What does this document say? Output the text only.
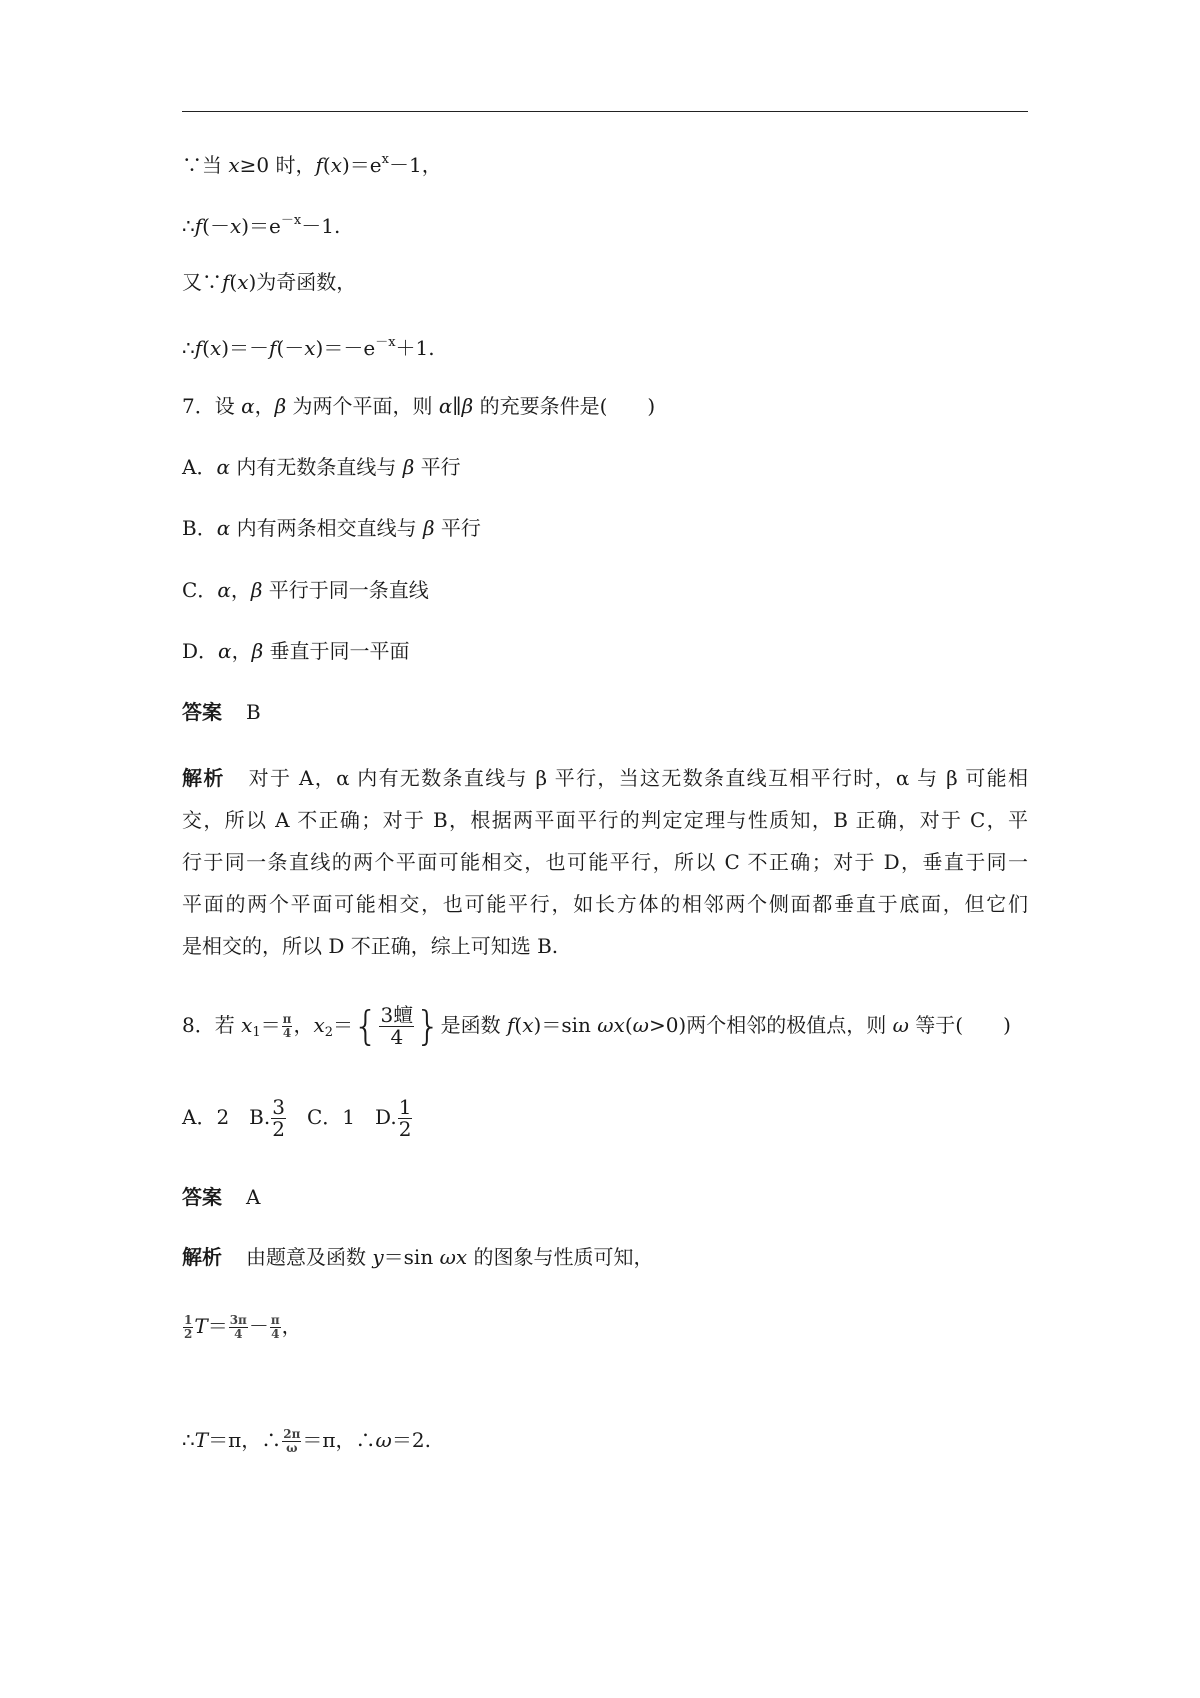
∵当 x≥0 时，$f(x)=e^x-1$，
$\therefore f(-x)=e^{-x}-1$.
又∵f(x)为奇函数，
$\therefore f(x)=-f(-x)=-e^{-x}+1$.
7．设 α，β 为两个平面，则 α∥β 的充要条件是(　　)
A．α 内有无数条直线与 β 平行
B．α 内有两条相交直线与 β 平行
C．α，β 平行于同一条直线
D．α，β 垂直于同一平面
答案 B
解析 对于 A，α 内有无数条直线与 β 平行，当这无数条直线互相平行时，α 与 β 可能相
交，所以 A 不正确；对于 B，根据两平面平行的判定定理与性质知，B 正确，对于 C，平
行于同一条直线的两个平面可能相交，也可能平行，所以 C 不正确；对于 D，垂直于同一
平面的两个平面可能相交，也可能平行，如长方体的相邻两个侧面都垂直于底面，但它们
是相交的，所以 D 不正确，综上可知选 B.
8．若 $x_1= \frac{\pi}{4}$ ，$x_2=\{ \frac{\text{3蟺}}{4}$ }是函数 f(x)＝sin ωx(ω>0)两个相邻的极值点，则 ω 等于(　　)
A．2　B. $\frac{3}{2}$ 　C．1　D. $\frac{1}{2}$
答案 A
解析 由题意及函数 y＝sin ωx 的图象与性质可知，
$\frac{1}{2} T= \frac{3\pi}{4} - \frac{\pi}{4}$ ，
∴T＝π，∴ $\frac{2\pi}{\omega} =\pi$，∴ω＝2.
